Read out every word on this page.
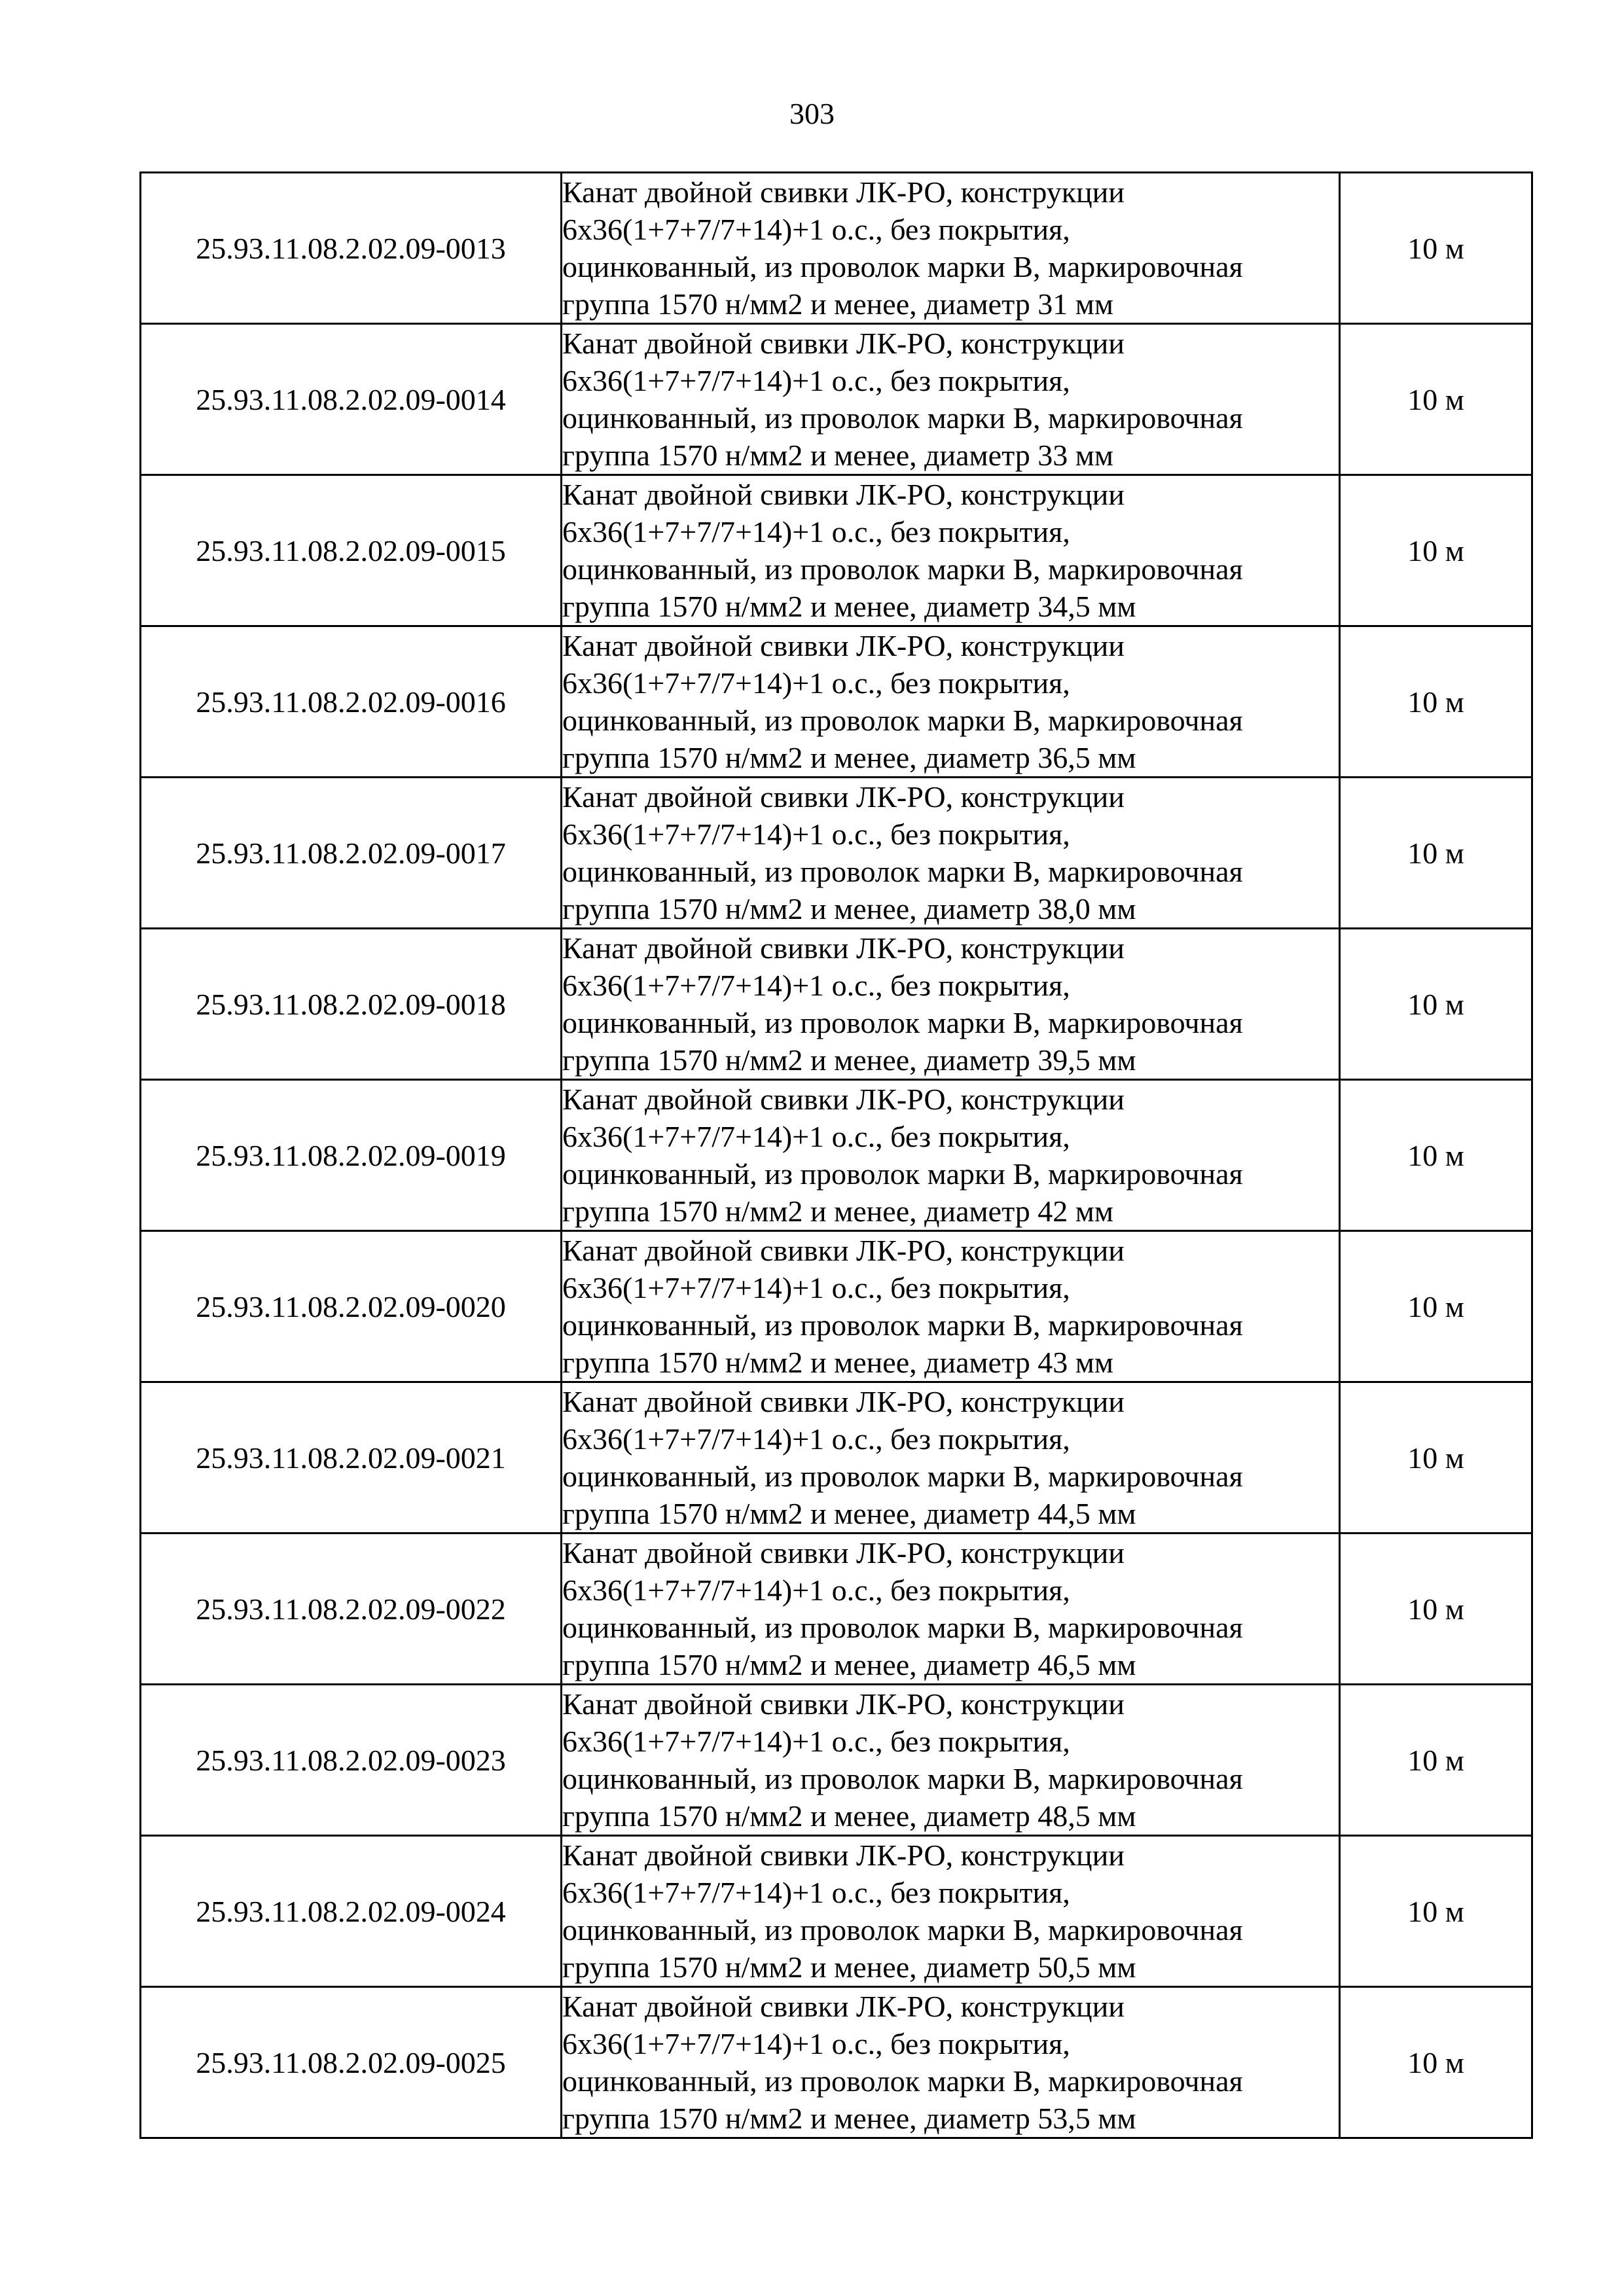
303
25.93.11.08.2.02.09-0013	Канат двойной свивки ЛК-РО, конструкции
6х36(1+7+7/7+14)+1 о.с., без покрытия,
оцинкованный, из проволок марки В, маркировочная
группа 1570 н/мм2 и менее, диаметр 31 мм	10 м
25.93.11.08.2.02.09-0014	Канат двойной свивки ЛК-РО, конструкции
6х36(1+7+7/7+14)+1 о.с., без покрытия,
оцинкованный, из проволок марки В, маркировочная
группа 1570 н/мм2 и менее, диаметр 33 мм	10 м
25.93.11.08.2.02.09-0015	Канат двойной свивки ЛК-РО, конструкции
6х36(1+7+7/7+14)+1 о.с., без покрытия,
оцинкованный, из проволок марки В, маркировочная
группа 1570 н/мм2 и менее, диаметр 34,5 мм	10 м
25.93.11.08.2.02.09-0016	Канат двойной свивки ЛК-РО, конструкции
6х36(1+7+7/7+14)+1 о.с., без покрытия,
оцинкованный, из проволок марки В, маркировочная
группа 1570 н/мм2 и менее, диаметр 36,5 мм	10 м
25.93.11.08.2.02.09-0017	Канат двойной свивки ЛК-РО, конструкции
6х36(1+7+7/7+14)+1 о.с., без покрытия,
оцинкованный, из проволок марки В, маркировочная
группа 1570 н/мм2 и менее, диаметр 38,0 мм	10 м
25.93.11.08.2.02.09-0018	Канат двойной свивки ЛК-РО, конструкции
6х36(1+7+7/7+14)+1 о.с., без покрытия,
оцинкованный, из проволок марки В, маркировочная
группа 1570 н/мм2 и менее, диаметр 39,5 мм	10 м
25.93.11.08.2.02.09-0019	Канат двойной свивки ЛК-РО, конструкции
6х36(1+7+7/7+14)+1 о.с., без покрытия,
оцинкованный, из проволок марки В, маркировочная
группа 1570 н/мм2 и менее, диаметр 42 мм	10 м
25.93.11.08.2.02.09-0020	Канат двойной свивки ЛК-РО, конструкции
6х36(1+7+7/7+14)+1 о.с., без покрытия,
оцинкованный, из проволок марки В, маркировочная
группа 1570 н/мм2 и менее, диаметр 43 мм	10 м
25.93.11.08.2.02.09-0021	Канат двойной свивки ЛК-РО, конструкции
6х36(1+7+7/7+14)+1 о.с., без покрытия,
оцинкованный, из проволок марки В, маркировочная
группа 1570 н/мм2 и менее, диаметр 44,5 мм	10 м
25.93.11.08.2.02.09-0022	Канат двойной свивки ЛК-РО, конструкции
6х36(1+7+7/7+14)+1 о.с., без покрытия,
оцинкованный, из проволок марки В, маркировочная
группа 1570 н/мм2 и менее, диаметр 46,5 мм	10 м
25.93.11.08.2.02.09-0023	Канат двойной свивки ЛК-РО, конструкции
6х36(1+7+7/7+14)+1 о.с., без покрытия,
оцинкованный, из проволок марки В, маркировочная
группа 1570 н/мм2 и менее, диаметр 48,5 мм	10 м
25.93.11.08.2.02.09-0024	Канат двойной свивки ЛК-РО, конструкции
6х36(1+7+7/7+14)+1 о.с., без покрытия,
оцинкованный, из проволок марки В, маркировочная
группа 1570 н/мм2 и менее, диаметр 50,5 мм	10 м
25.93.11.08.2.02.09-0025	Канат двойной свивки ЛК-РО, конструкции
6х36(1+7+7/7+14)+1 о.с., без покрытия,
оцинкованный, из проволок марки В, маркировочная
группа 1570 н/мм2 и менее, диаметр 53,5 мм	10 м
